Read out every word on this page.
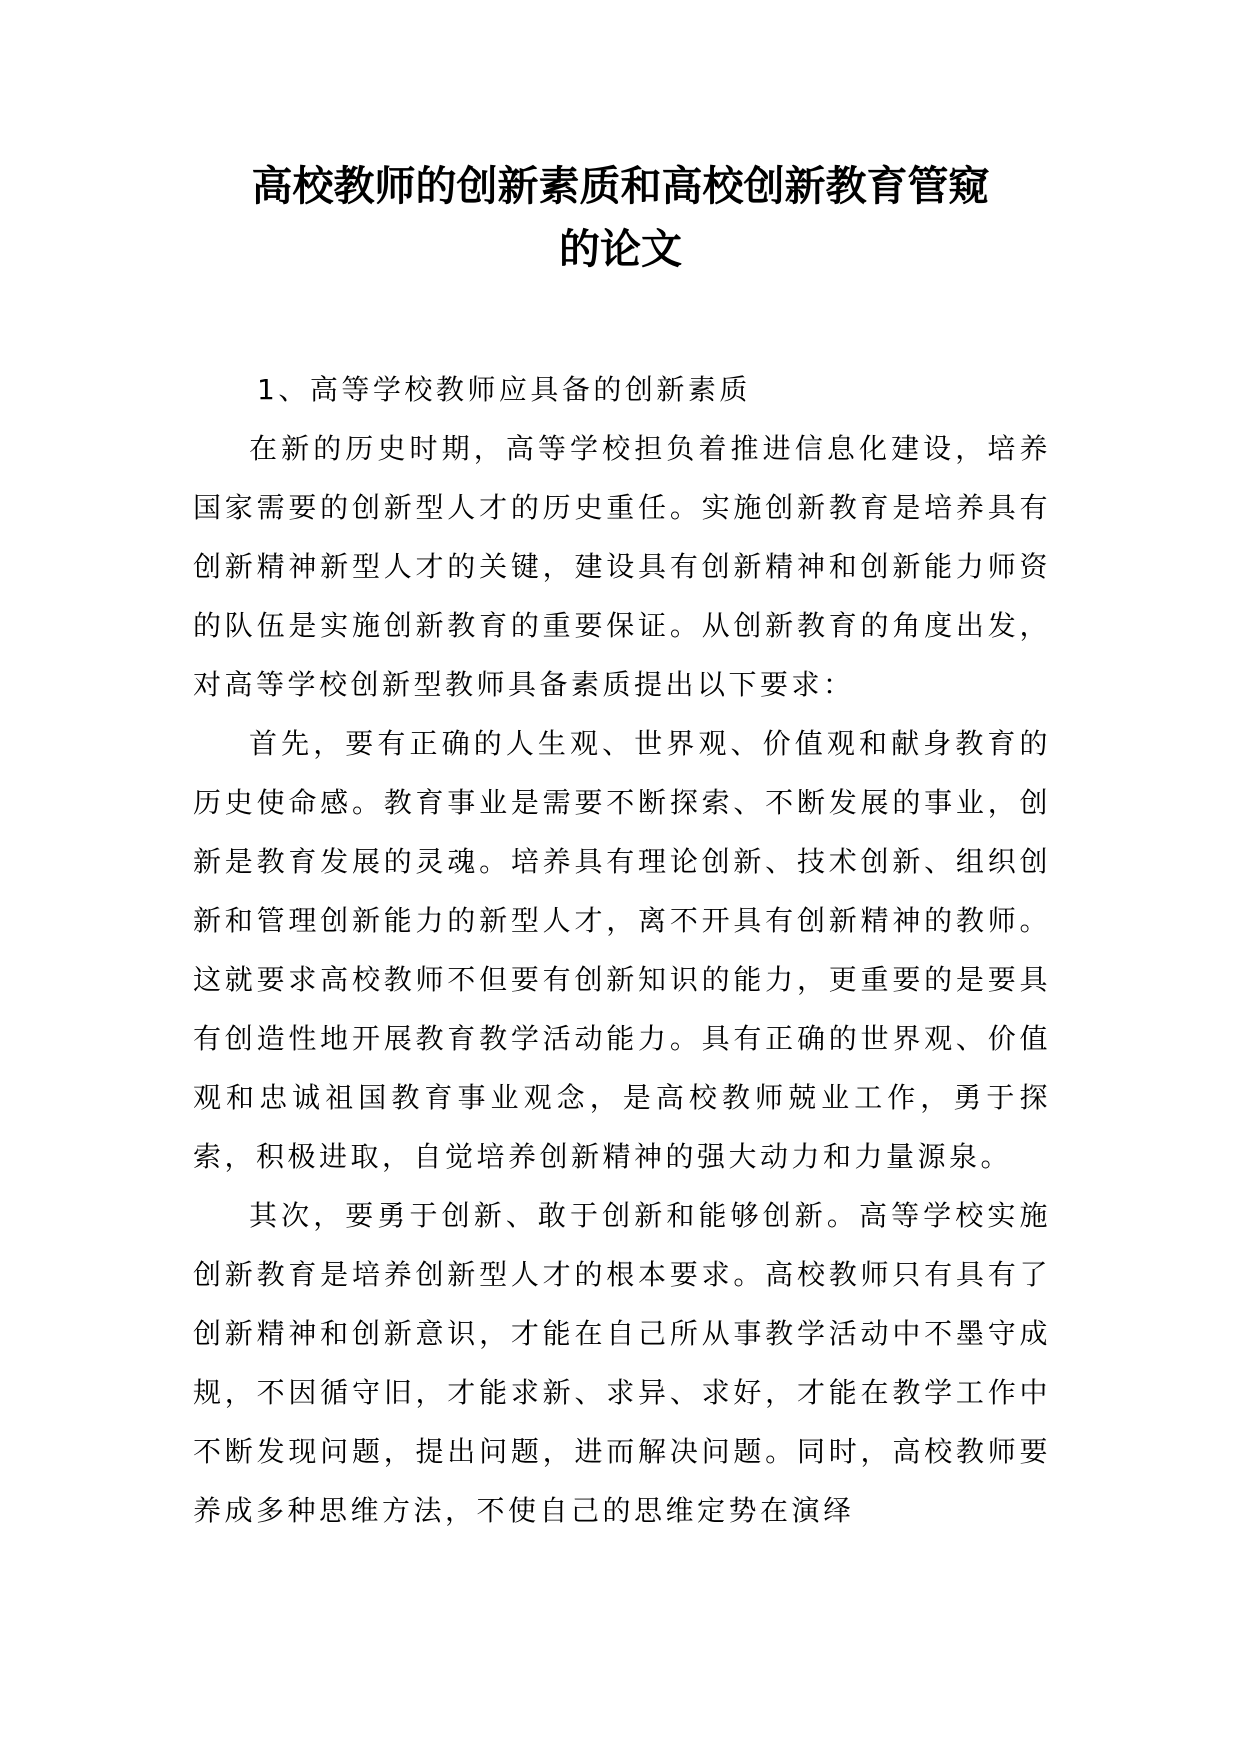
高校教师的创新素质和高校创新教育管窥
的论文
1、高等学校教师应具备的创新素质

在新的历史时期，高等学校担负着推进信息化建设，培养国家需要的创新型人才的历史重任。实施创新教育是培养具有创新精神新型人才的关键，建设具有创新精神和创新能力师资的队伍是实施创新教育的重要保证。从创新教育的角度出发，对高等学校创新型教师具备素质提出以下要求：

首先，要有正确的人生观、世界观、价值观和献身教育的历史使命感。教育事业是需要不断探索、不断发展的事业，创新是教育发展的灵魂。培养具有理论创新、技术创新、组织创新和管理创新能力的新型人才，离不开具有创新精神的教师。这就要求高校教师不但要有创新知识的能力，更重要的是要具有创造性地开展教育教学活动能力。具有正确的世界观、价值观和忠诚祖国教育事业观念，是高校教师兢业工作，勇于探索，积极进取，自觉培养创新精神的强大动力和力量源泉。

其次，要勇于创新、敢于创新和能够创新。高等学校实施创新教育是培养创新型人才的根本要求。高校教师只有具有了创新精神和创新意识，才能在自己所从事教学活动中不墨守成规，不因循守旧，才能求新、求异、求好，才能在教学工作中不断发现问题，提出问题，进而解决问题。同时，高校教师要养成多种思维方法，不使自己的思维定势在演绎
